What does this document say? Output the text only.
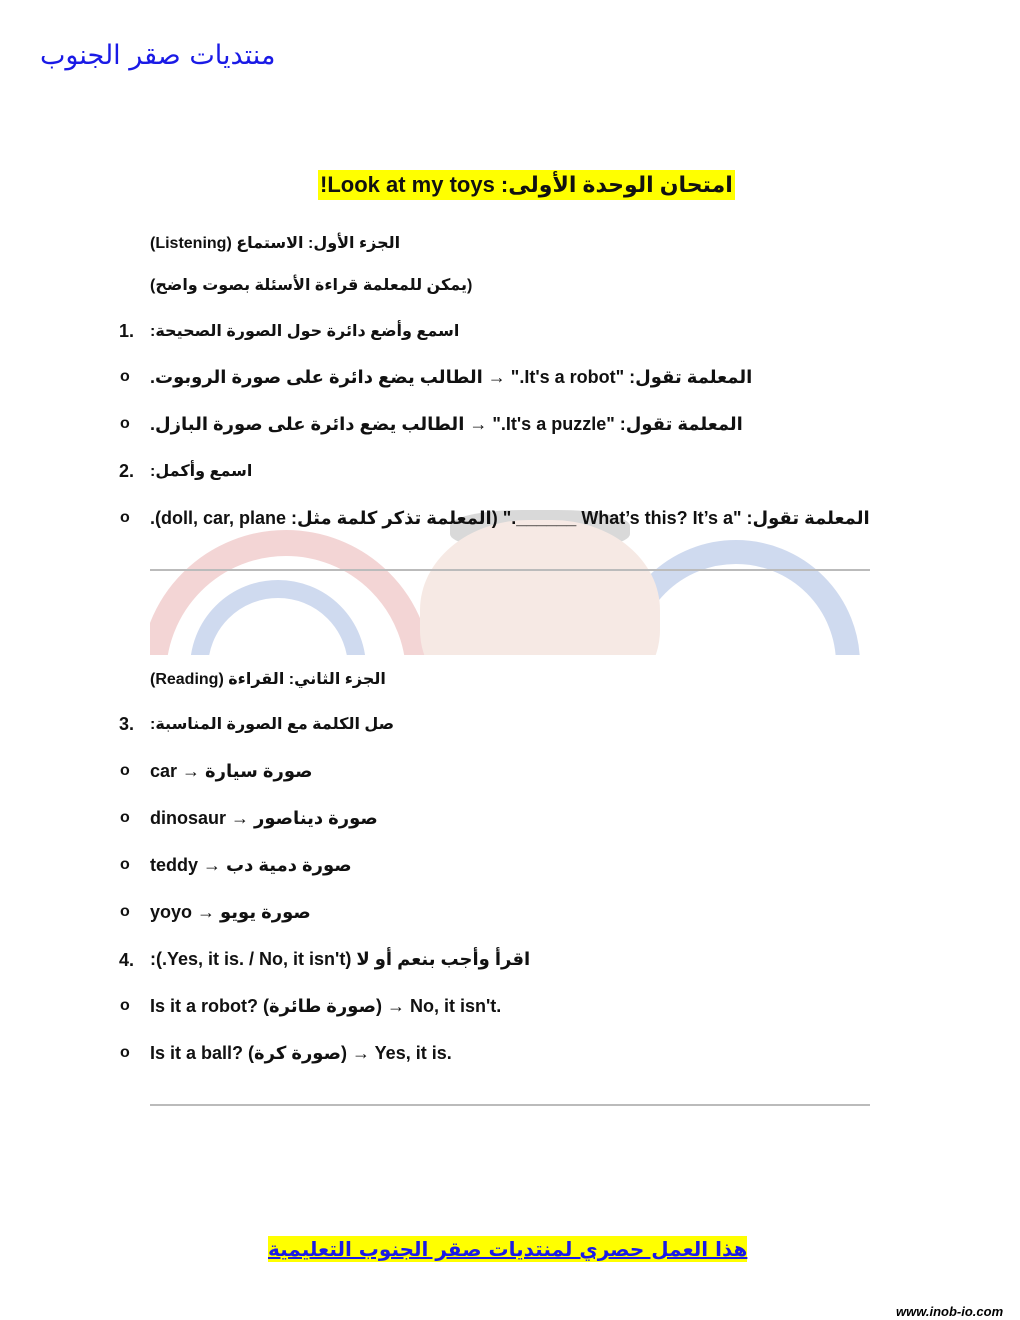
منتديات صقر الجنوب
امتحان الوحدة الأولى: Look at my toys!
الجزء الأول: الاستماع (Listening)
(يمكن للمعلمة قراءة الأسئلة بصوت واضح)
1. اسمع وأضع دائرة حول الصورة الصحيحة:
o المعلمة تقول: "It's a robot." → الطالب يضع دائرة على صورة الروبوت.
o المعلمة تقول: "It's a puzzle." → الطالب يضع دائرة على صورة البازل.
2. اسمع وأكمل:
o المعلمة تقول: "What’s this? It’s a ______." (المعلمة تذكر كلمة مثل: doll, car, plane).
الجزء الثاني: القراءة (Reading)
3. صل الكلمة مع الصورة المناسبة:
o car → صورة سيارة
o dinosaur → صورة ديناصور
o teddy → صورة دمية دب
o yoyo → صورة يويو
4. اقرأ وأجب بنعم أو لا (Yes, it is. / No, it isn't.):
o Is it a robot? (صورة طائرة) → No, it isn't.
o Is it a ball? (صورة كرة) → Yes, it is.
هذا العمل حصري لمنتديات صقر الجنوب التعليمية
www.inob-io.com
